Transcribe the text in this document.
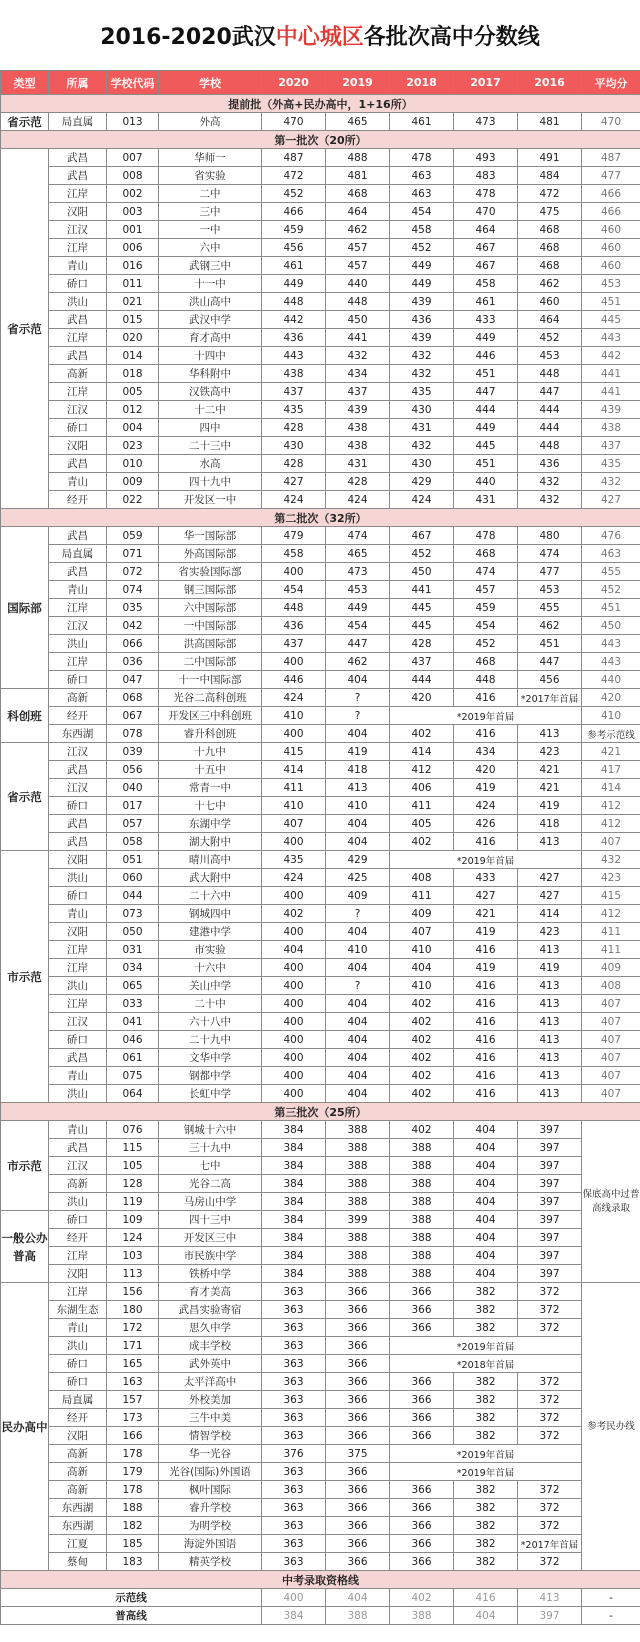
2016-2020武汉 中心城区 各批次高中分数线
类型	所属	学校代码	学校	2020	2019	2018	2017	2016	平均分
提前批（外高+民办高中，1+16所）									
省示范	局直属	013	外高	470	465	461	473	481	470
第一批次（20所）									
省示范	武昌	007	华师一	487	488	478	493	491	487
	武昌	008	省实验	472	481	463	483	484	477
	江岸	002	二中	452	468	463	478	472	466
	汉阳	003	三中	466	464	454	470	475	466
	江汉	001	一中	459	462	458	464	468	460
	江岸	006	六中	456	457	452	467	468	460
	青山	016	武钢三中	461	457	449	467	468	460
	硚口	011	十一中	449	440	449	458	462	453
	洪山	021	洪山高中	448	448	439	461	460	451
	武昌	015	武汉中学	442	450	436	433	464	445
	江岸	020	育才高中	436	441	439	449	452	443
	武昌	014	十四中	443	432	432	446	453	442
	高新	018	华科附中	438	434	432	451	448	441
	江岸	005	汉铁高中	437	437	435	447	447	441
	江汉	012	十二中	435	439	430	444	444	439
	硚口	004	四中	428	438	431	449	444	438
	汉阳	023	二十三中	430	438	432	445	448	437
	武昌	010	水高	428	431	430	451	436	435
	青山	009	四十九中	427	428	429	440	432	432
	经开	022	开发区一中	424	424	424	431	432	427
第二批次（32所）									
国际部	武昌	059	华一国际部	479	474	467	478	480	476
	局直属	071	外高国际部	458	465	452	468	474	463
	武昌	072	省实验国际部	400	473	450	474	477	455
	青山	074	钢三国际部	454	453	441	457	453	452
	江岸	035	六中国际部	448	449	445	459	455	451
	江汉	042	一中国际部	436	454	445	454	462	450
	洪山	066	洪高国际部	437	447	428	452	451	443
	江岸	036	二中国际部	400	462	437	468	447	443
	硚口	047	十一中国际部	446	404	444	448	456	440
科创班	高新	068	光谷二高科创班	424	?	420	416	*2017年首届	420
	经开	067	开发区三中科创班	410	?	*2019年首届			410
	东西湖	078	睿升科创班	400	404	402	416	413	参考示范线
省示范	江汉	039	十九中	415	419	414	434	423	421
	武昌	056	十五中	414	418	412	420	421	417
	江汉	040	常青一中	411	413	406	419	421	414
	硚口	017	十七中	410	410	411	424	419	412
	武昌	057	东湖中学	407	404	405	426	418	412
	武昌	058	湖大附中	400	404	402	416	413	407
市示范	汉阳	051	晴川高中	435	429	*2019年首届			432
	洪山	060	武大附中	424	425	408	433	427	423
	硚口	044	二十六中	400	409	411	427	427	415
	青山	073	钢城四中	402	?	409	421	414	412
	汉阳	050	建港中学	400	404	407	419	423	411
	江岸	031	市实验	404	410	410	416	413	411
	江岸	034	十六中	400	404	404	419	419	409
	洪山	065	关山中学	400	?	410	416	413	408
	江岸	033	二十中	400	404	402	416	413	407
	江汉	041	六十八中	400	404	402	416	413	407
	硚口	046	二十九中	400	404	402	416	413	407
	武昌	061	文华中学	400	404	402	416	413	407
	青山	075	钢都中学	400	404	402	416	413	407
	洪山	064	长虹中学	400	404	402	416	413	407
第三批次（25所）									
市示范	青山	076	钢城十六中	384	388	402	404	397	保底高中过普高线录取
	武昌	115	三十九中	384	388	388	404	397	
	江汉	105	七中	384	388	388	404	397	
	高新	128	光谷二高	384	388	388	404	397	
	洪山	119	马房山中学	384	388	388	404	397	
一般公办普高	硚口	109	四十三中	384	399	388	404	397	
	经开	124	开发区三中	384	388	388	404	397	
	江岸	103	市民族中学	384	388	388	404	397	
	汉阳	113	铁桥中学	384	388	388	404	397	
民办高中	江岸	156	育才美高	363	366	366	382	372	参考民办线
	东湖生态	180	武昌实验寄宿	363	366	366	382	372	
	青山	172	思久中学	363	366	366	382	372	
	洪山	171	成丰学校	363	366	*2019年首届			
	硚口	165	武外英中	363	366	*2018年首届			
	硚口	163	太平洋高中	363	366	366	382	372	
	局直属	157	外校美加	363	366	366	382	372	
	经开	173	三牛中美	363	366	366	382	372	
	汉阳	166	情智学校	363	366	366	382	372	
	高新	178	华一光谷	376	375	*2019年首届			
	高新	179	光谷(国际)外国语	363	366	*2019年首届			
	高新	178	枫叶国际	363	366	366	382	372	
	东西湖	188	睿升学校	363	366	366	382	372	
	东西湖	182	为明学校	363	366	366	382	372	
	江夏	185	海淀外国语	363	366	366	382	*2017年首届	
	蔡甸	183	精英学校	363	366	366	382	372	
中考录取资格线									
示范线				400	404	402	416	413	-
普高线				384	388	388	404	397	-
